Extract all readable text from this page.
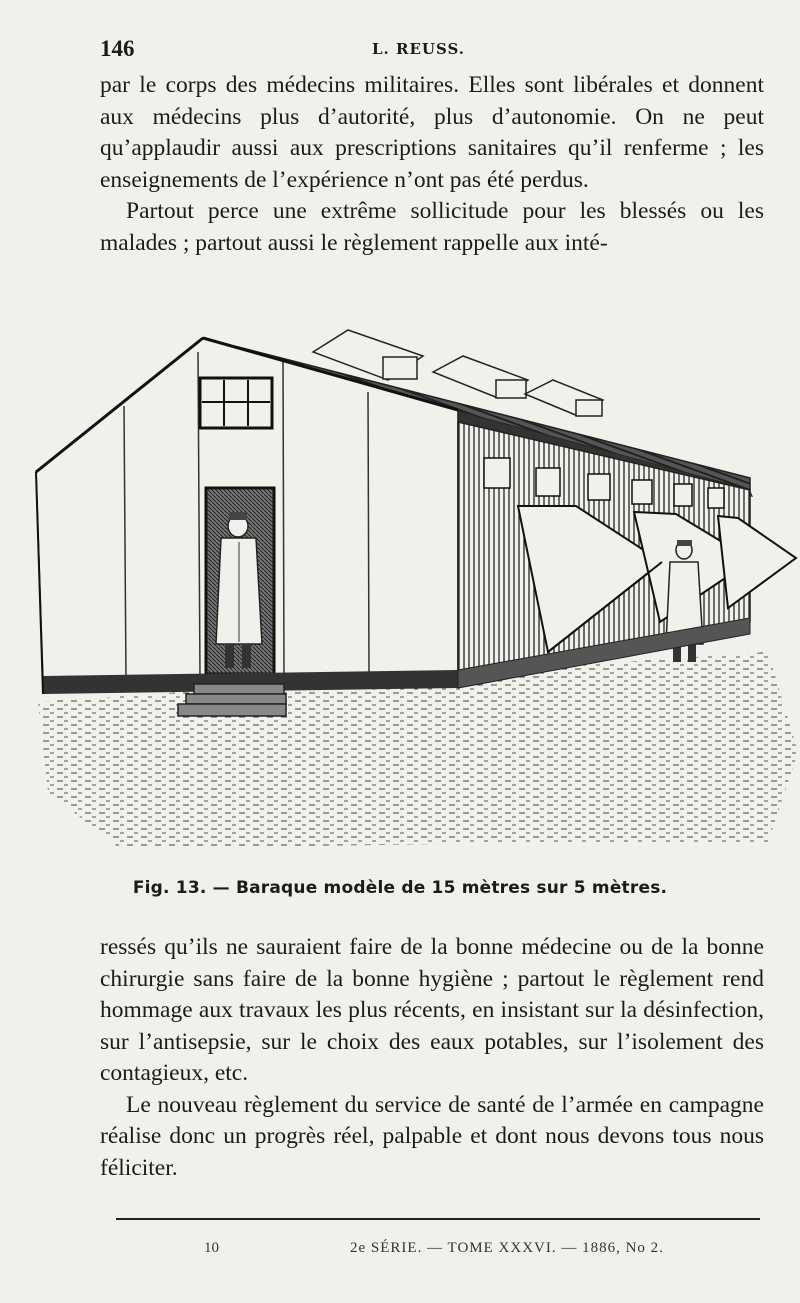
146	L. REUSS.

par le corps des médecins militaires. Elles sont libérales et donnent aux médecins plus d’autorité, plus d’autonomie. On ne peut qu’applaudir aussi aux prescriptions sanitaires qu’il renferme ; les enseignements de l’expérience n’ont pas été perdus.

Partout perce une extrême sollicitude pour les blessés ou les malades ; partout aussi le règlement rappelle aux inté-

Fig. 13. — Baraque modèle de 15 mètres sur 5 mètres.

ressés qu’ils ne sauraient faire de la bonne médecine ou de la bonne chirurgie sans faire de la bonne hygiène ; partout le règlement rend hommage aux travaux les plus récents, en insistant sur la désinfection, sur l’antisepsie, sur le choix des eaux potables, sur l’isolement des contagieux, etc.

Le nouveau règlement du service de santé de l’armée en campagne réalise donc un progrès réel, palpable et dont nous devons tous nous féliciter.

10	2e SÉRIE. — TOME XXXVI. — 1886, No 2.
